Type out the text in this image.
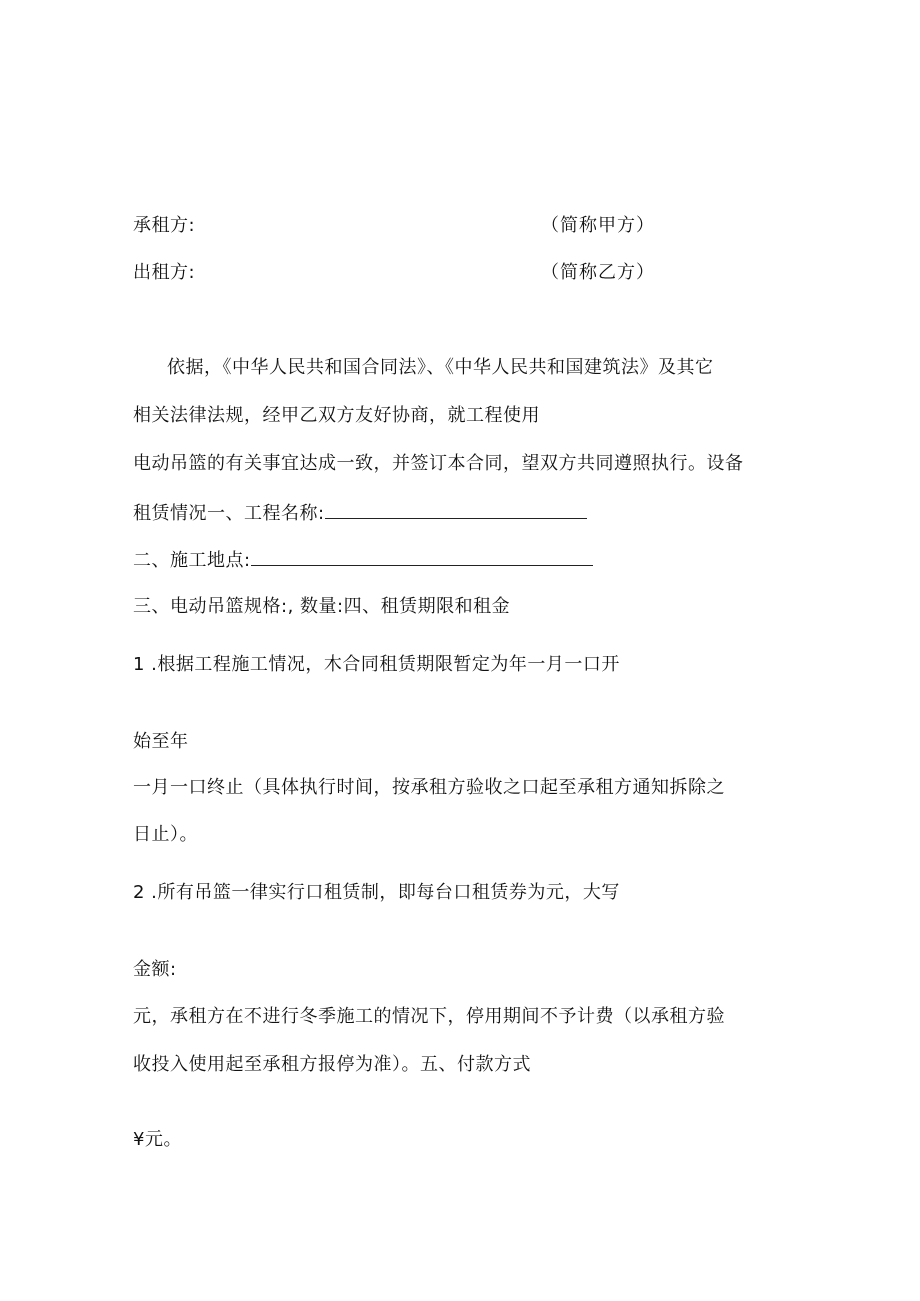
承租方:	（简称甲方）
出租方:	（简称乙方）
依据，《中华人民共和国合同法》、《中华人民共和国建筑法》及其它
相关法律法规，经甲乙双方友好协商，就工程使用
电动吊篮的有关事宜达成一致，并签订本合同，望双方共同遵照执行。设备
租赁情况一、工程名称:
二、施工地点:
三、电动吊篮规格:, 数量:四、租赁期限和租金
1 .根据工程施工情况，木合同租赁期限暂定为年一月一口开
始至年
一月一口终止（具体执行时间，按承租方验收之口起至承租方通知拆除之
日止）。
2 .所有吊篮一律实行口租赁制，即每台口租赁券为元，大写
金额:
元，承租方在不进行冬季施工的情况下，停用期间不予计费（以承租方验
收投入使用起至承租方报停为准）。五、付款方式
¥元。
